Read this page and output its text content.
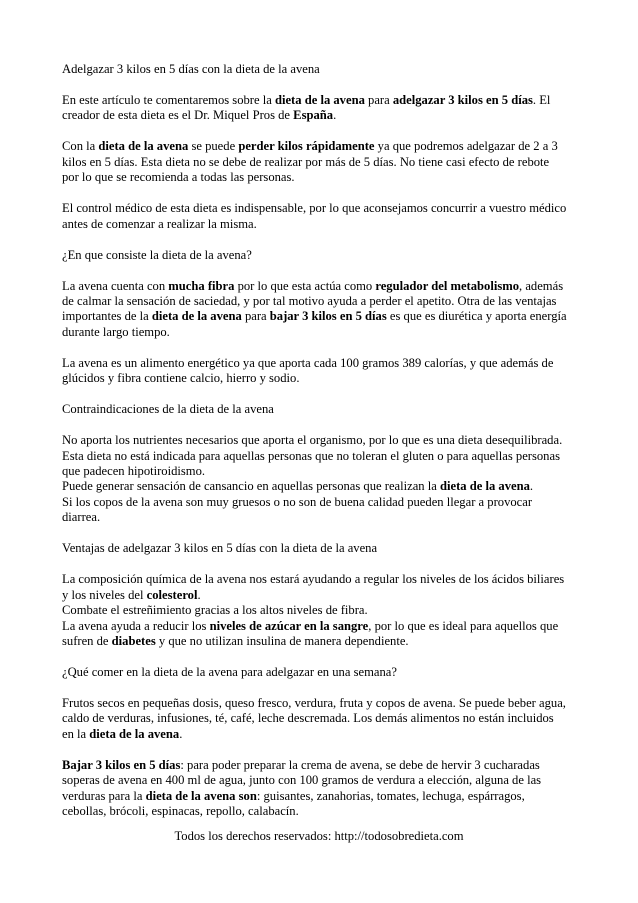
Adelgazar 3 kilos en 5 días con la dieta de la avena
En este artículo te comentaremos sobre la dieta de la avena para adelgazar 3 kilos en 5 días. El
creador de esta dieta es el Dr. Miquel Pros de España.
Con la dieta de la avena se puede perder kilos rápidamente ya que podremos adelgazar de 2 a 3
kilos en 5 días. Esta dieta no se debe de realizar por más de 5 días. No tiene casi efecto de rebote
por lo que se recomienda a todas las personas.
El control médico de esta dieta es indispensable, por lo que aconsejamos concurrir a vuestro médico
antes de comenzar a realizar la misma.
¿En que consiste la dieta de la avena?
La avena cuenta con mucha fibra por lo que esta actúa como regulador del metabolismo, además
de calmar la sensación de saciedad, y por tal motivo ayuda a perder el apetito. Otra de las ventajas
importantes de la dieta de la avena para bajar 3 kilos en 5 días es que es diurética y aporta energía
durante largo tiempo.
La avena es un alimento energético ya que aporta cada 100 gramos 389 calorías, y que además de
glúcidos y fibra contiene calcio, hierro y sodio.
Contraindicaciones de la dieta de la avena
No aporta los nutrientes necesarios que aporta el organismo, por lo que es una dieta desequilibrada.
Esta dieta no está indicada para aquellas personas que no toleran el gluten o para aquellas personas
que padecen hipotiroidismo.
Puede generar sensación de cansancio en aquellas personas que realizan la dieta de la avena.
Si los copos de la avena son muy gruesos o no son de buena calidad pueden llegar a provocar
diarrea.
Ventajas de adelgazar 3 kilos en 5 días con la dieta de la avena
La composición química de la avena nos estará ayudando a regular los niveles de los ácidos biliares
y los niveles del colesterol.
Combate el estreñimiento gracias a los altos niveles de fibra.
La avena ayuda a reducir los niveles de azúcar en la sangre, por lo que es ideal para aquellos que
sufren de diabetes y que no utilizan insulina de manera dependiente.
¿Qué comer en la dieta de la avena para adelgazar en una semana?
Frutos secos en pequeñas dosis, queso fresco, verdura, fruta y copos de avena. Se puede beber agua,
caldo de verduras, infusiones, té, café, leche descremada. Los demás alimentos no están incluidos
en la dieta de la avena.
Bajar 3 kilos en 5 días: para poder preparar la crema de avena, se debe de hervir 3 cucharadas
soperas de avena en 400 ml de agua, junto con 100 gramos de verdura a elección, alguna de las
verduras para la dieta de la avena son: guisantes, zanahorias, tomates, lechuga, espárragos,
cebollas, brócoli, espinacas, repollo, calabacín.
Todos los derechos reservados: http://todosobredieta.com
